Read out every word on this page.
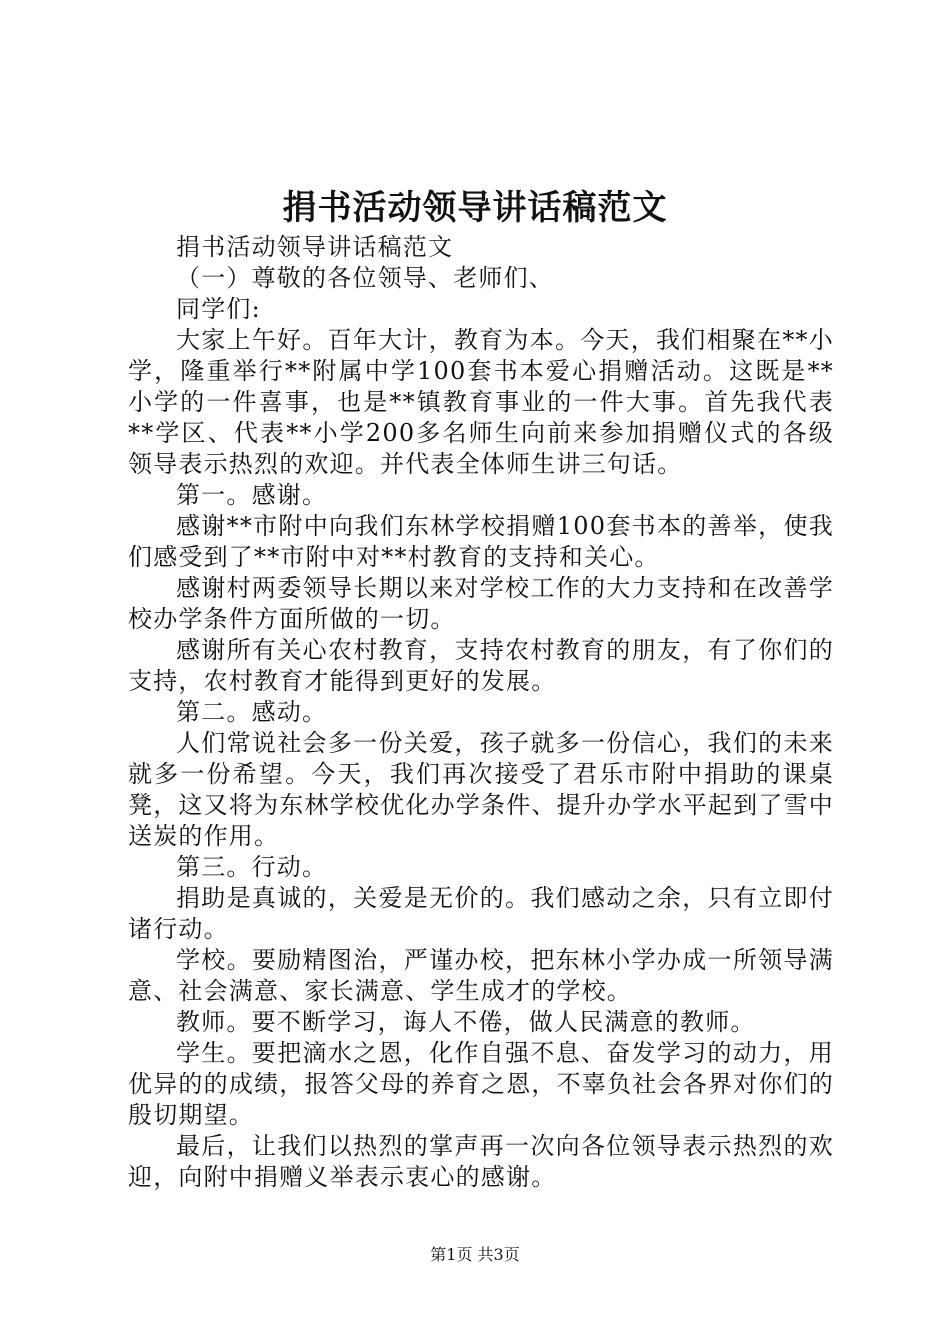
捐书活动领导讲话稿范文

捐书活动领导讲话稿范文

（一）尊敬的各位领导、老师们、

同学们:

大家上午好。百年大计，教育为本。今天，我们相聚在**小学，隆重举行**附属中学100套书本爱心捐赠活动。这既是**小学的一件喜事，也是**镇教育事业的一件大事。首先我代表**学区、代表**小学200多名师生向前来参加捐赠仪式的各级领导表示热烈的欢迎。并代表全体师生讲三句话。

第一。感谢。

感谢**市附中向我们东林学校捐赠100套书本的善举，使我们感受到了**市附中对**村教育的支持和关心。

感谢村两委领导长期以来对学校工作的大力支持和在改善学校办学条件方面所做的一切。

感谢所有关心农村教育，支持农村教育的朋友，有了你们的支持，农村教育才能得到更好的发展。

第二。感动。

人们常说社会多一份关爱，孩子就多一份信心，我们的未来就多一份希望。今天，我们再次接受了君乐市附中捐助的课桌凳，这又将为东林学校优化办学条件、提升办学水平起到了雪中送炭的作用。

第三。行动。

捐助是真诚的，关爱是无价的。我们感动之余，只有立即付诸行动。

学校。要励精图治，严谨办校，把东林小学办成一所领导满意、社会满意、家长满意、学生成才的学校。

教师。要不断学习，诲人不倦，做人民满意的教师。

学生。要把滴水之恩，化作自强不息、奋发学习的动力，用优异的的成绩，报答父母的养育之恩，不辜负社会各界对你们的殷切期望。

最后，让我们以热烈的掌声再一次向各位领导表示热烈的欢迎，向附中捐赠义举表示衷心的感谢。

第1页 共3页
